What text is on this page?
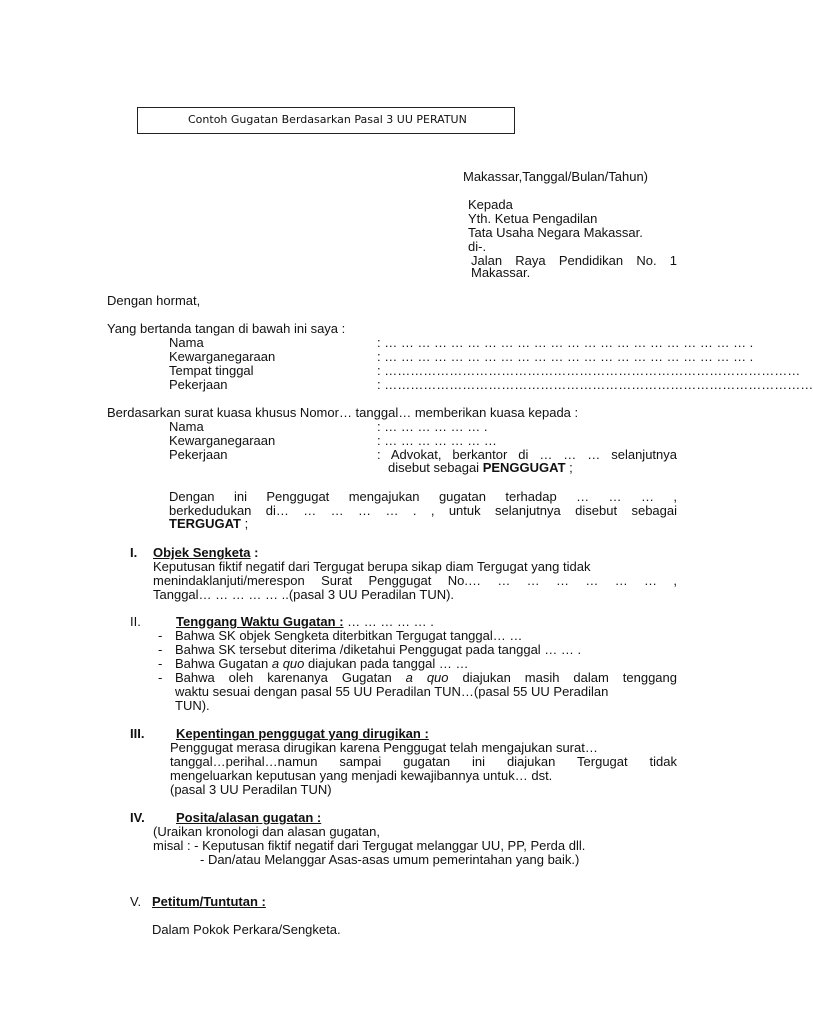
Contoh Gugatan Berdasarkan Pasal 3 UU PERATUN
Makassar,Tanggal/Bulan/Tahun)
Kepada
Yth. Ketua Pengadilan
Tata Usaha Negara Makassar.
di-.
Jalan Raya Pendidikan No. 1
Makassar.
Dengan hormat,
Yang bertanda tangan di bawah ini saya :
Nama	: … … … … … … … … … … … … … … … … … … … … … … .
Kewarganegaraan	: … … … … … … … … … … … … … … … … … … … … … … .
Tempat tinggal	: ……………………………………………………………………………………
Pekerjaan	: ………………………………………………………………………………………
Berdasarkan surat kuasa khusus Nomor… tanggal… memberikan kuasa kepada :
Nama	: … … … … … … .
Kewarganegaraan	: … … … … … … …
Pekerjaan	: Advokat, berkantor di … … … selanjutnya
disebut sebagai PENGGUGAT ;
Dengan ini Penggugat mengajukan gugatan terhadap … … … ,
berkedudukan di… … … … … . , untuk selanjutnya disebut sebagai
TERGUGAT ;
I. Objek Sengketa :
Keputusan fiktif negatif dari Tergugat berupa sikap diam Tergugat yang tidak
menindaklanjuti/merespon Surat Penggugat No.… … … … … … … ,
Tanggal… … … … … ..(pasal 3 UU Peradilan TUN).
II.	Tenggang Waktu Gugatan : … … … … … .
- Bahwa SK objek Sengketa diterbitkan Tergugat tanggal… …
- Bahwa SK tersebut diterima /diketahui Penggugat pada tanggal … … .
- Bahwa Gugatan a quo diajukan pada tanggal … …
- Bahwa oleh karenanya Gugatan a quo diajukan masih dalam tenggang
waktu sesuai dengan pasal 55 UU Peradilan TUN…(pasal 55 UU Peradilan
TUN).
III. Kepentingan penggugat yang dirugikan :
Penggugat merasa dirugikan karena Penggugat telah mengajukan surat…
tanggal…perihal…namun sampai gugatan ini diajukan Tergugat tidak
mengeluarkan keputusan yang menjadi kewajibannya untuk… dst.
(pasal 3 UU Peradilan TUN)
IV. Posita/alasan gugatan :
(Uraikan kronologi dan alasan gugatan,
misal : - Keputusan fiktif negatif dari Tergugat melanggar UU, PP, Perda dll.
- Dan/atau Melanggar Asas-asas umum pemerintahan yang baik.)
V. Petitum/Tuntutan :
Dalam Pokok Perkara/Sengketa.
